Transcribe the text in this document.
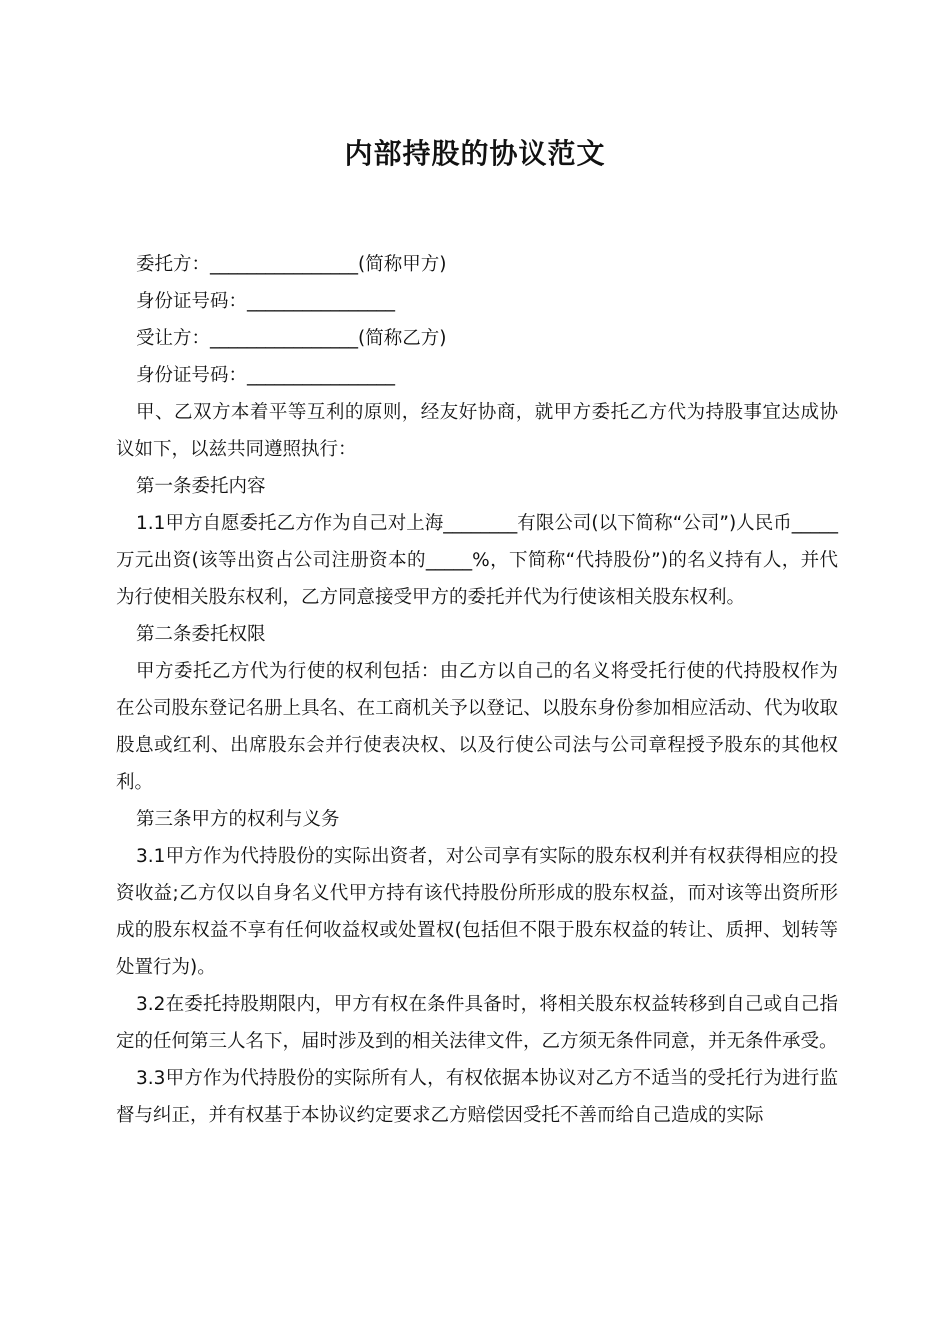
内部持股的协议范文

委托方：________________(简称甲方)

身份证号码：________________

受让方：________________(简称乙方)

身份证号码：________________

甲、乙双方本着平等互利的原则，经友好协商，就甲方委托乙方代为持股事宜达成协议如下，以兹共同遵照执行：

第一条委托内容

1.1甲方自愿委托乙方作为自己对上海________有限公司(以下简称“公司”)人民币_____万元出资(该等出资占公司注册资本的_____%，下简称“代持股份”)的名义持有人，并代为行使相关股东权利，乙方同意接受甲方的委托并代为行使该相关股东权利。

第二条委托权限

甲方委托乙方代为行使的权利包括：由乙方以自己的名义将受托行使的代持股权作为在公司股东登记名册上具名、在工商机关予以登记、以股东身份参加相应活动、代为收取股息或红利、出席股东会并行使表决权、以及行使公司法与公司章程授予股东的其他权利。

第三条甲方的权利与义务

3.1甲方作为代持股份的实际出资者，对公司享有实际的股东权利并有权获得相应的投资收益;乙方仅以自身名义代甲方持有该代持股份所形成的股东权益，而对该等出资所形成的股东权益不享有任何收益权或处置权(包括但不限于股东权益的转让、质押、划转等处置行为)。

3.2在委托持股期限内，甲方有权在条件具备时，将相关股东权益转移到自己或自己指定的任何第三人名下，届时涉及到的相关法律文件，乙方须无条件同意，并无条件承受。

3.3甲方作为代持股份的实际所有人，有权依据本协议对乙方不适当的受托行为进行监督与纠正，并有权基于本协议约定要求乙方赔偿因受托不善而给自己造成的实际
